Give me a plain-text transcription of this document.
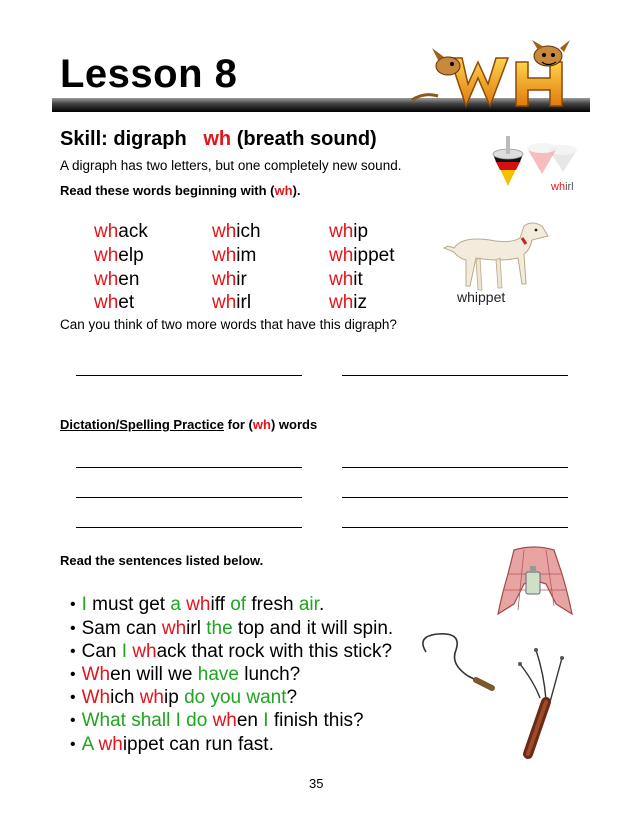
Lesson 8
Skill: digraph wh (breath sound)
A digraph has two letters, but one completely new sound.
Read these words beginning with (wh).	whirl
whippet
whack
whelp
when
whet
which
whim
whir
whirl
whip
whippet
whit
whiz
Can you think of two more words that have this digraph?
Dictation/Spelling Practice for (wh) words
Read the sentences listed below.
• I must get a whiff of fresh air.
• Sam can whirl the top and it will spin.
• Can I whack that rock with this stick?
• When will we have lunch?
• Which whip do you want?
• What shall I do when I finish this?
• A whippet can run fast.
35
